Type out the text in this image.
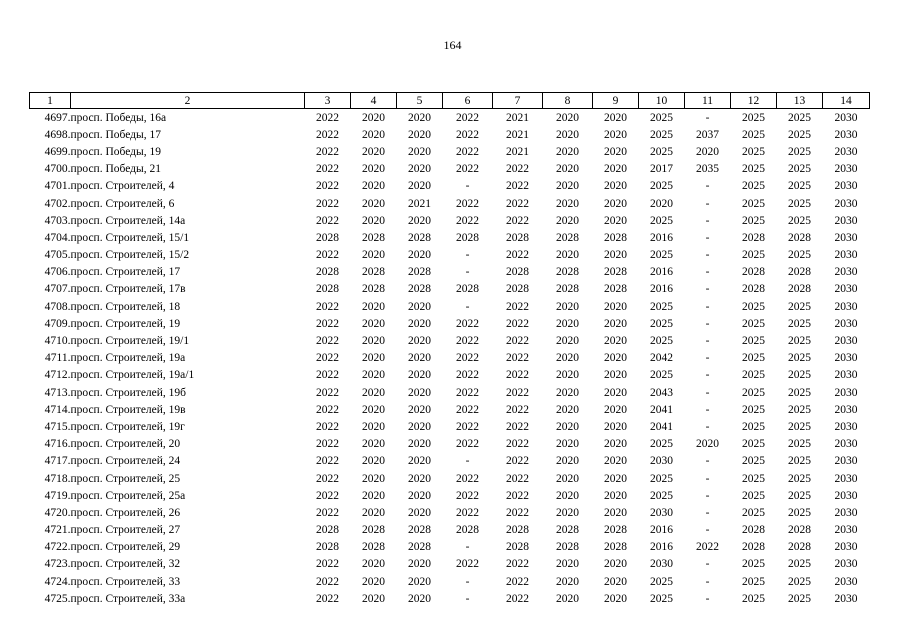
164
1	2	3	4	5	6	7	8	9	10	11	12	13	14
4697.	просп. Победы, 16а	2022	2020	2020	2022	2021	2020	2020	2025	-	2025	2025	2030
4698.	просп. Победы, 17	2022	2020	2020	2022	2021	2020	2020	2025	2037	2025	2025	2030
4699.	просп. Победы, 19	2022	2020	2020	2022	2021	2020	2020	2025	2020	2025	2025	2030
4700.	просп. Победы, 21	2022	2020	2020	2022	2022	2020	2020	2017	2035	2025	2025	2030
4701.	просп. Строителей, 4	2022	2020	2020	-	2022	2020	2020	2025	-	2025	2025	2030
4702.	просп. Строителей, 6	2022	2020	2021	2022	2022	2020	2020	2020	-	2025	2025	2030
4703.	просп. Строителей, 14а	2022	2020	2020	2022	2022	2020	2020	2025	-	2025	2025	2030
4704.	просп. Строителей, 15/1	2028	2028	2028	2028	2028	2028	2028	2016	-	2028	2028	2030
4705.	просп. Строителей, 15/2	2022	2020	2020	-	2022	2020	2020	2025	-	2025	2025	2030
4706.	просп. Строителей, 17	2028	2028	2028	-	2028	2028	2028	2016	-	2028	2028	2030
4707.	просп. Строителей, 17в	2028	2028	2028	2028	2028	2028	2028	2016	-	2028	2028	2030
4708.	просп. Строителей, 18	2022	2020	2020	-	2022	2020	2020	2025	-	2025	2025	2030
4709.	просп. Строителей, 19	2022	2020	2020	2022	2022	2020	2020	2025	-	2025	2025	2030
4710.	просп. Строителей, 19/1	2022	2020	2020	2022	2022	2020	2020	2025	-	2025	2025	2030
4711.	просп. Строителей, 19а	2022	2020	2020	2022	2022	2020	2020	2042	-	2025	2025	2030
4712.	просп. Строителей, 19а/1	2022	2020	2020	2022	2022	2020	2020	2025	-	2025	2025	2030
4713.	просп. Строителей, 19б	2022	2020	2020	2022	2022	2020	2020	2043	-	2025	2025	2030
4714.	просп. Строителей, 19в	2022	2020	2020	2022	2022	2020	2020	2041	-	2025	2025	2030
4715.	просп. Строителей, 19г	2022	2020	2020	2022	2022	2020	2020	2041	-	2025	2025	2030
4716.	просп. Строителей, 20	2022	2020	2020	2022	2022	2020	2020	2025	2020	2025	2025	2030
4717.	просп. Строителей, 24	2022	2020	2020	-	2022	2020	2020	2030	-	2025	2025	2030
4718.	просп. Строителей, 25	2022	2020	2020	2022	2022	2020	2020	2025	-	2025	2025	2030
4719.	просп. Строителей, 25а	2022	2020	2020	2022	2022	2020	2020	2025	-	2025	2025	2030
4720.	просп. Строителей, 26	2022	2020	2020	2022	2022	2020	2020	2030	-	2025	2025	2030
4721.	просп. Строителей, 27	2028	2028	2028	2028	2028	2028	2028	2016	-	2028	2028	2030
4722.	просп. Строителей, 29	2028	2028	2028	-	2028	2028	2028	2016	2022	2028	2028	2030
4723.	просп. Строителей, 32	2022	2020	2020	2022	2022	2020	2020	2030	-	2025	2025	2030
4724.	просп. Строителей, 33	2022	2020	2020	-	2022	2020	2020	2025	-	2025	2025	2030
4725.	просп. Строителей, 33а	2022	2020	2020	-	2022	2020	2020	2025	-	2025	2025	2030
